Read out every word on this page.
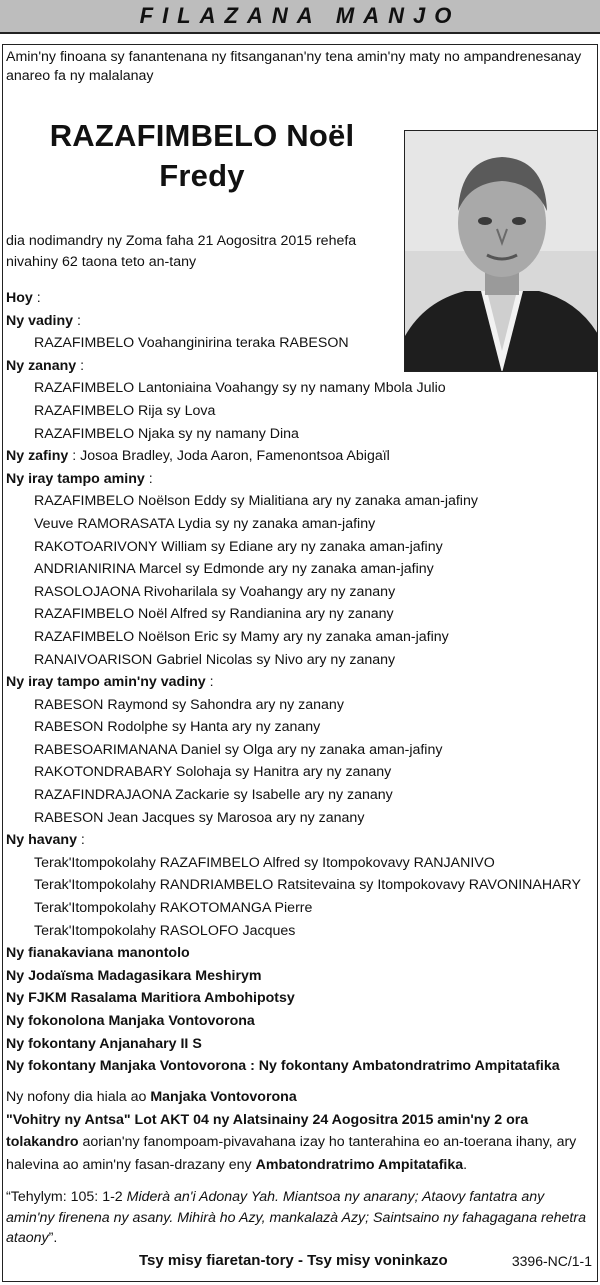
FILAZANA MANJO

Amin'ny finoana sy fanantenana ny fitsanganan'ny tena amin'ny maty no ampandrenesanay anareo fa ny malalanay

RAZAFIMBELO Noël
Fredy

dia nodimandry ny Zoma faha 21 Aogositra 2015 rehefa nivahiny 62 taona teto an-tany

Hoy :
Ny vadiny :
RAZAFIMBELO Voahanginirina teraka RABESON
Ny zanany :
RAZAFIMBELO Lantoniaina Voahangy sy ny namany Mbola Julio
RAZAFIMBELO Rija sy Lova
RAZAFIMBELO Njaka sy ny namany Dina
Ny zafiny : Josoa Bradley, Joda Aaron, Famenontsoa Abigaïl
Ny iray tampo aminy :
RAZAFIMBELO Noëlson Eddy sy Mialitiana ary ny zanaka aman-jafiny
Veuve RAMORASATA Lydia sy ny zanaka aman-jafiny
RAKOTOARIVONY William sy Ediane ary ny zanaka aman-jafiny
ANDRIANIRINA Marcel sy Edmonde ary ny zanaka aman-jafiny
RASOLOJAONA Rivoharilala sy Voahangy ary ny zanany
RAZAFIMBELO Noël Alfred sy Randianina ary ny zanany
RAZAFIMBELO Noëlson Eric sy Mamy ary ny zanaka aman-jafiny
RANAIVOARISON Gabriel Nicolas sy Nivo ary ny zanany
Ny iray tampo amin'ny vadiny :
RABESON Raymond sy Sahondra ary ny zanany
RABESON Rodolphe sy Hanta ary ny zanany
RABESOARIMANANA Daniel sy Olga ary ny zanaka aman-jafiny
RAKOTONDRABARY Solohaja sy Hanitra ary ny zanany
RAZAFINDRAJAONA Zackarie sy Isabelle ary ny zanany
RABESON Jean Jacques sy Marosoa ary ny zanany
Ny havany :
Terak'Itompokolahy RAZAFIMBELO Alfred sy Itompokovavy RANJANIVO
Terak'Itompokolahy RANDRIAMBELO Ratsitevaina sy Itompokovavy RAVONINAHARY
Terak'Itompokolahy RAKOTOMANGA Pierre
Terak'Itompokolahy RASOLOFO Jacques
Ny fianakaviana manontolo
Ny Jodaïsma Madagasikara Meshirym
Ny FJKM Rasalama Maritiora Ambohipotsy
Ny fokonolona Manjaka Vontovorona
Ny fokontany Anjanahary II S
Ny fokontany Manjaka Vontovorona : Ny fokontany Ambatondratrimo Ampitatafika

Ny nofony dia hiala ao Manjaka Vontovorona
"Vohitry ny Antsa" Lot AKT 04 ny Alatsinainy 24 Aogositra 2015 amin'ny 2 ora tolakandro aorian'ny fanompoam-pivavahana izay ho tanterahina eo an-toerana ihany, ary halevina ao amin'ny fasan-drazany eny Ambatondratrimo Ampitatafika.

“Tehylym: 105: 1-2 Miderà an'i Adonay Yah. Miantsoa ny anarany; Ataovy fantatra any amin'ny firenena ny asany. Mihirà ho Azy, mankalazà Azy; Saintsaino ny fahagagana rehetra ataony”.

Tsy misy fiaretan-tory - Tsy misy voninkazo	3396-NC/1-1
